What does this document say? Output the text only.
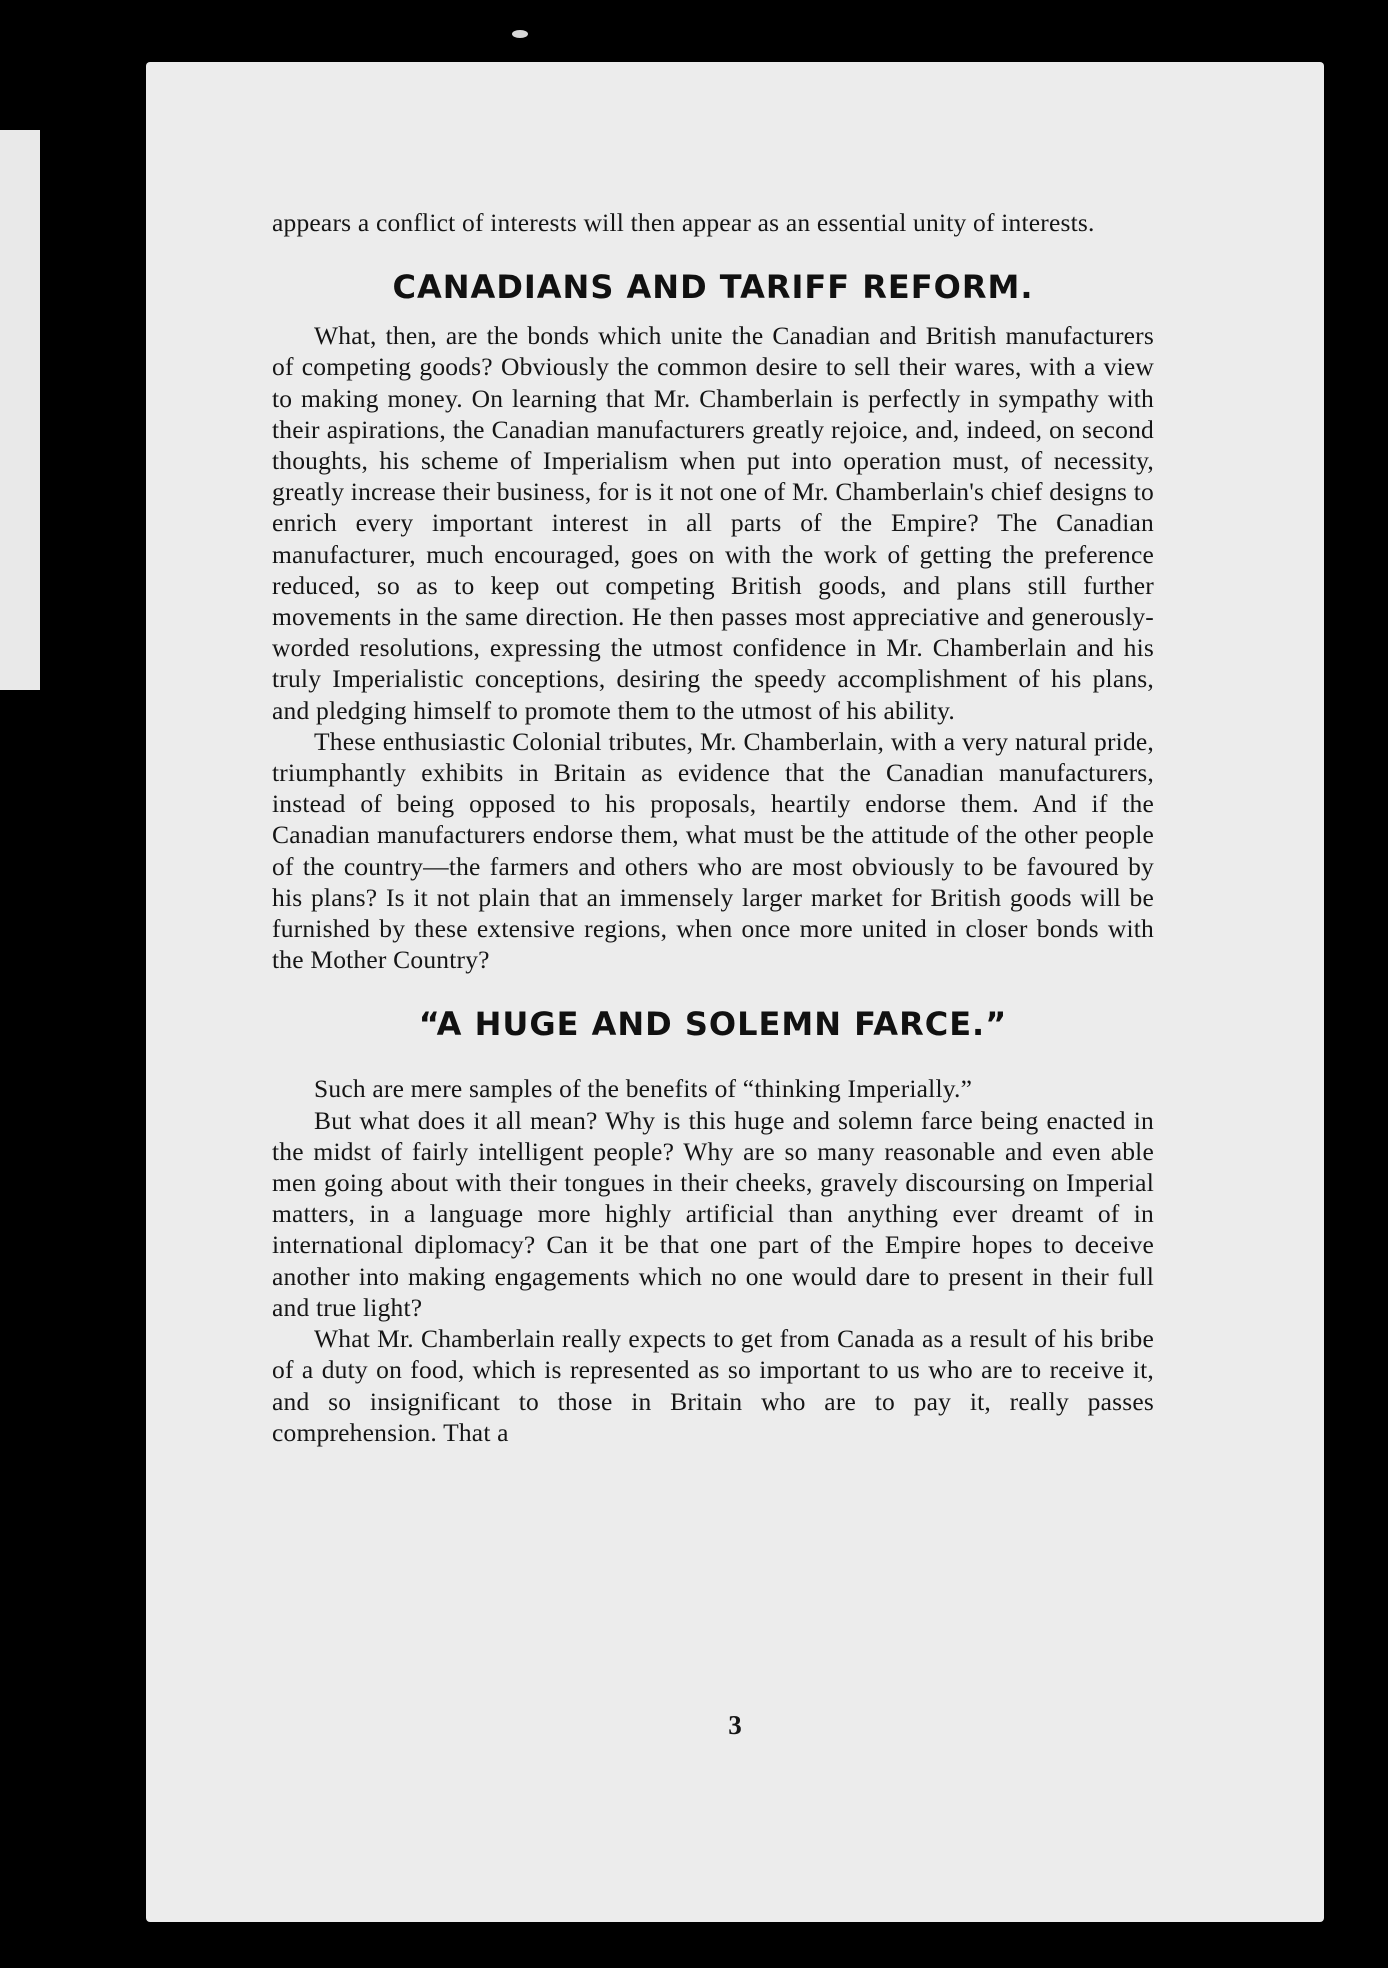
appears a conflict of interests will then appear as an essential unity of interests.

CANADIANS AND TARIFF REFORM.

What, then, are the bonds which unite the Canadian and British manufacturers of competing goods? Obviously the common desire to sell their wares, with a view to making money. On learning that Mr. Chamberlain is perfectly in sympathy with their aspirations, the Canadian manufacturers greatly rejoice, and, indeed, on second thoughts, his scheme of Imperialism when put into operation must, of necessity, greatly increase their business, for is it not one of Mr. Chamberlain's chief designs to enrich every important interest in all parts of the Empire? The Canadian manufacturer, much encouraged, goes on with the work of getting the preference reduced, so as to keep out competing British goods, and plans still further movements in the same direction. He then passes most appreciative and generously-worded resolutions, expressing the utmost confidence in Mr. Chamberlain and his truly Imperialistic conceptions, desiring the speedy accomplishment of his plans, and pledging himself to promote them to the utmost of his ability.

These enthusiastic Colonial tributes, Mr. Chamberlain, with a very natural pride, triumphantly exhibits in Britain as evidence that the Canadian manufacturers, instead of being opposed to his proposals, heartily endorse them. And if the Canadian manufacturers endorse them, what must be the attitude of the other people of the country—the farmers and others who are most obviously to be favoured by his plans? Is it not plain that an immensely larger market for British goods will be furnished by these extensive regions, when once more united in closer bonds with the Mother Country?

“A HUGE AND SOLEMN FARCE.”

Such are mere samples of the benefits of “thinking Imperially.”

But what does it all mean? Why is this huge and solemn farce being enacted in the midst of fairly intelligent people? Why are so many reasonable and even able men going about with their tongues in their cheeks, gravely discoursing on Imperial matters, in a language more highly artificial than anything ever dreamt of in international diplomacy? Can it be that one part of the Empire hopes to deceive another into making engagements which no one would dare to present in their full and true light?

What Mr. Chamberlain really expects to get from Canada as a result of his bribe of a duty on food, which is represented as so important to us who are to receive it, and so insignificant to those in Britain who are to pay it, really passes comprehension. That a

3
